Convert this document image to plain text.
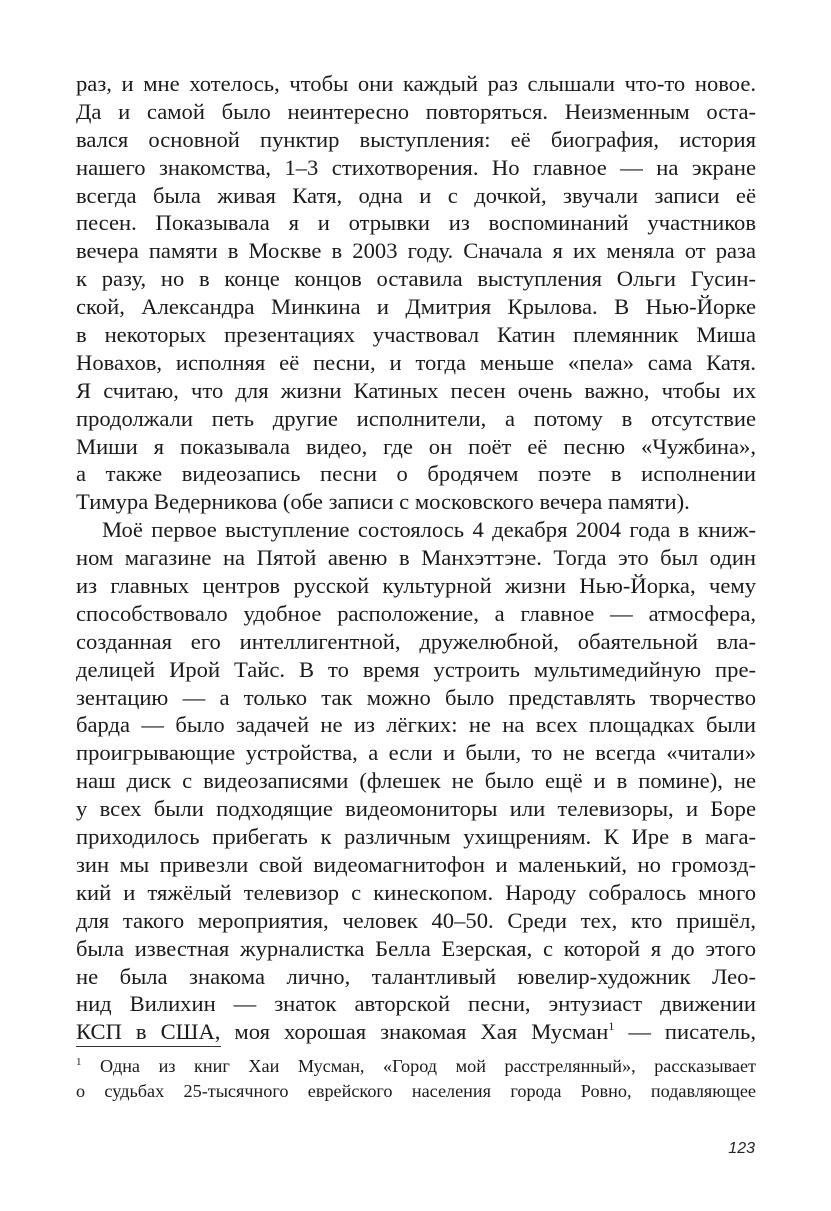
раз, и мне хотелось, чтобы они каждый раз слышали что-то новое.
Да и самой было неинтересно повторяться. Неизменным оста-
вался основной пунктир выступления: её биография, история
нашего знакомства, 1–3 стихотворения. Но главное — на экране
всегда была живая Катя, одна и с дочкой, звучали записи её
песен. Показывала я и отрывки из воспоминаний участников
вечера памяти в Москве в 2003 году. Сначала я их меняла от раза
к разу, но в конце концов оставила выступления Ольги Гусин-
ской, Александра Минкина и Дмитрия Крылова. В Нью-Йорке
в некоторых презентациях участвовал Катин племянник Миша
Новахов, исполняя её песни, и тогда меньше «пела» сама Катя.
Я считаю, что для жизни Катиных песен очень важно, чтобы их
продолжали петь другие исполнители, а потому в отсутствие
Миши я показывала видео, где он поёт её песню «Чужбина»,
а также видеозапись песни о бродячем поэте в исполнении
Тимура Ведерникова (обе записи с московского вечера памяти).
Моё первое выступление состоялось 4 декабря 2004 года в книж-
ном магазине на Пятой авеню в Манхэттэне. Тогда это был один
из главных центров русской культурной жизни Нью-Йорка, чему
способствовало удобное расположение, а главное — атмосфера,
созданная его интеллигентной, дружелюбной, обаятельной вла-
делицей Ирой Тайс. В то время устроить мультимедийную пре-
зентацию — а только так можно было представлять творчество
барда — было задачей не из лёгких: не на всех площадках были
проигрывающие устройства, а если и были, то не всегда «читали»
наш диск с видеозаписями (флешек не было ещё и в помине), не
у всех были подходящие видеомониторы или телевизоры, и Боре
приходилось прибегать к различным ухищрениям. К Ире в мага-
зин мы привезли свой видеомагнитофон и маленький, но громозд-
кий и тяжёлый телевизор с кинескопом. Народу собралось много
для такого мероприятия, человек 40–50. Среди тех, кто пришёл,
была известная журналистка Белла Езерская, с которой я до этого
не была знакома лично, талантливый ювелир-художник Лео-
нид Вилихин — знаток авторской песни, энтузиаст движении
КСП в США, моя хорошая знакомая Хая Мусман$^1$ — писатель,
$^1$ Одна из книг Хаи Мусман, «Город мой расстрелянный», рассказывает
о судьбах 25-тысячного еврейского населения города Ровно, подавляющее
123
